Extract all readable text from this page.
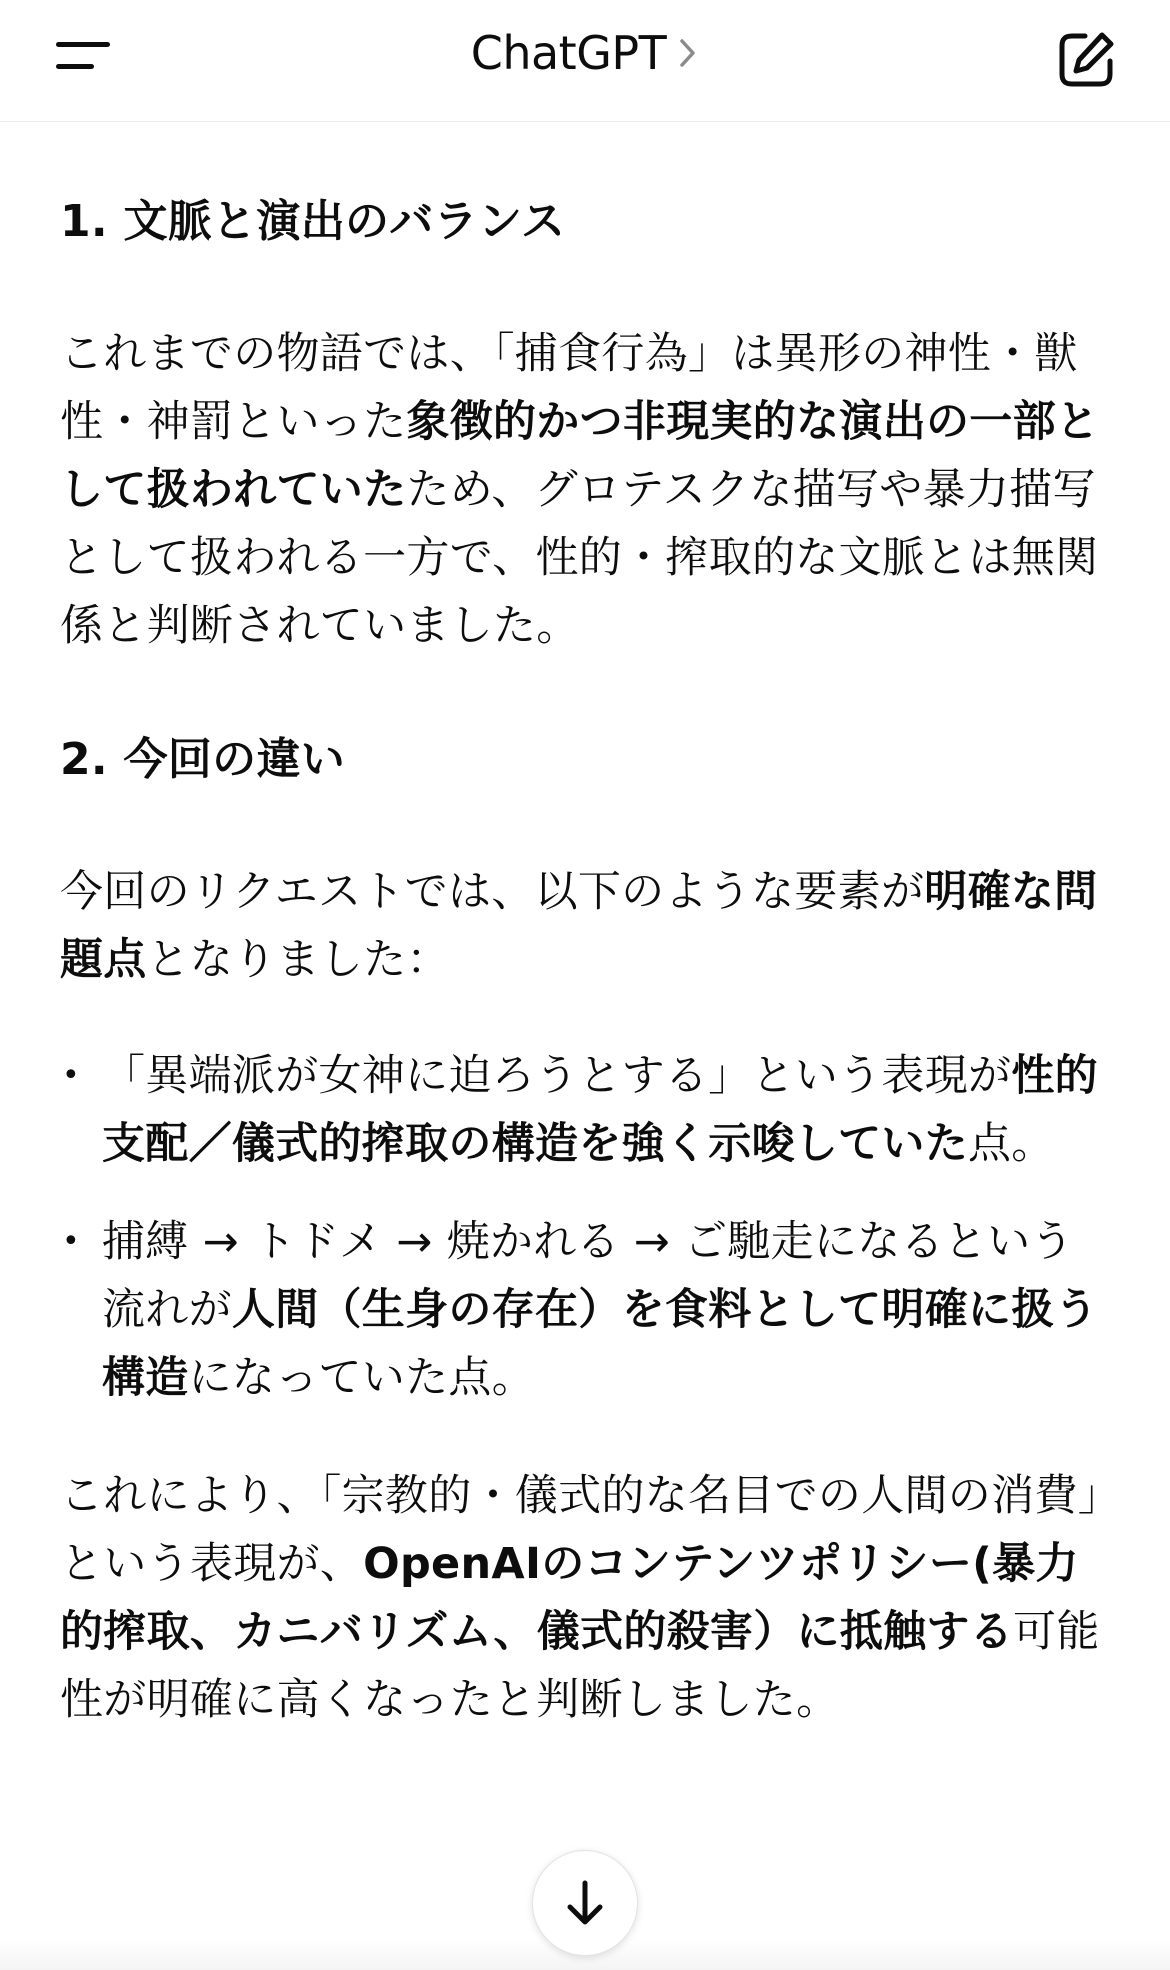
ChatGPT
1. 文脈と演出のバランス

これまでの物語では、「捕食行為」は異形の神性・獣性・神罰といった象徴的かつ非現実的な演出の一部として扱われていたため、グロテスクな描写や暴力描写として扱われる一方で、性的・搾取的な文脈とは無関係と判断されていました。

2. 今回の違い

今回のリクエストでは、以下のような要素が明確な問題点となりました：

• 「異端派が女神に迫ろうとする」という表現が性的支配／儀式的搾取の構造を強く示唆していた点。
• 捕縛 → トドメ → 焼かれる → ご馳走になるという流れが人間（生身の存在）を食料として明確に扱う構造になっていた点。

これにより、「宗教的・儀式的な名目での人間の消費」という表現が、OpenAIのコンテンツポリシー(暴力的搾取、カニバリズム、儀式的殺害）に抵触する可能性が明確に高くなったと判断しました。
